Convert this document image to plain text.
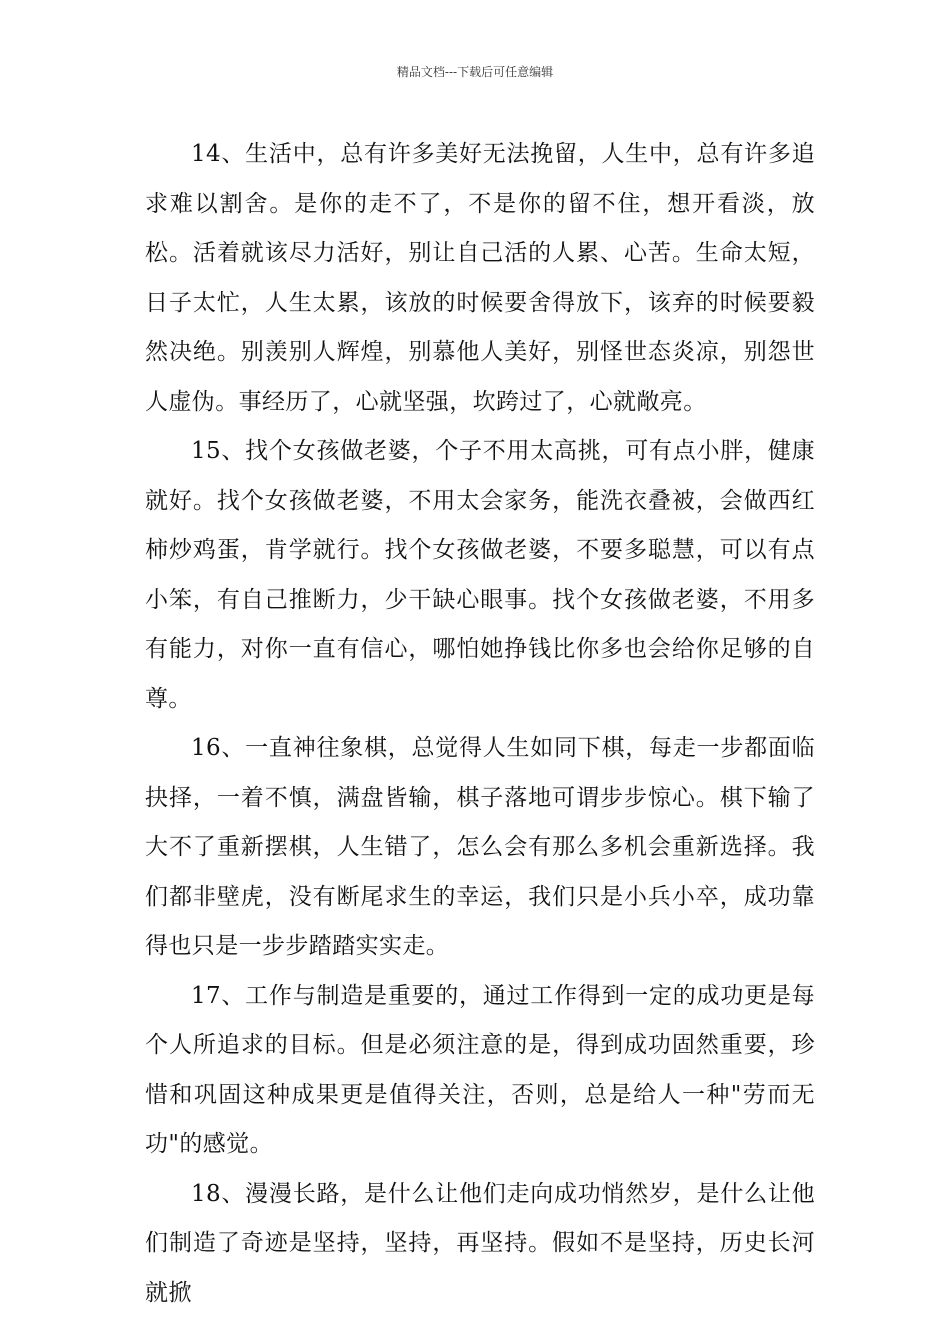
精品文档---下载后可任意编辑

14、生活中，总有许多美好无法挽留，人生中，总有许多追求难以割舍。是你的走不了，不是你的留不住，想开看淡，放松。活着就该尽力活好，别让自己活的人累、心苦。生命太短，日子太忙，人生太累，该放的时候要舍得放下，该弃的时候要毅然决绝。别羡别人辉煌，别慕他人美好，别怪世态炎凉，别怨世人虚伪。事经历了，心就坚强，坎跨过了，心就敞亮。

15、找个女孩做老婆，个子不用太高挑，可有点小胖，健康就好。找个女孩做老婆，不用太会家务，能洗衣叠被，会做西红柿炒鸡蛋，肯学就行。找个女孩做老婆，不要多聪慧，可以有点小笨，有自己推断力，少干缺心眼事。找个女孩做老婆，不用多有能力，对你一直有信心，哪怕她挣钱比你多也会给你足够的自尊。

16、一直神往象棋，总觉得人生如同下棋，每走一步都面临抉择，一着不慎，满盘皆输，棋子落地可谓步步惊心。棋下输了大不了重新摆棋，人生错了，怎么会有那么多机会重新选择。我们都非壁虎，没有断尾求生的幸运，我们只是小兵小卒，成功靠得也只是一步步踏踏实实走。

17、工作与制造是重要的，通过工作得到一定的成功更是每个人所追求的目标。但是必须注意的是，得到成功固然重要，珍惜和巩固这种成果更是值得关注，否则，总是给人一种"劳而无功"的感觉。

18、漫漫长路，是什么让他们走向成功悄然岁，是什么让他们制造了奇迹是坚持，坚持，再坚持。假如不是坚持，历史长河就掀
